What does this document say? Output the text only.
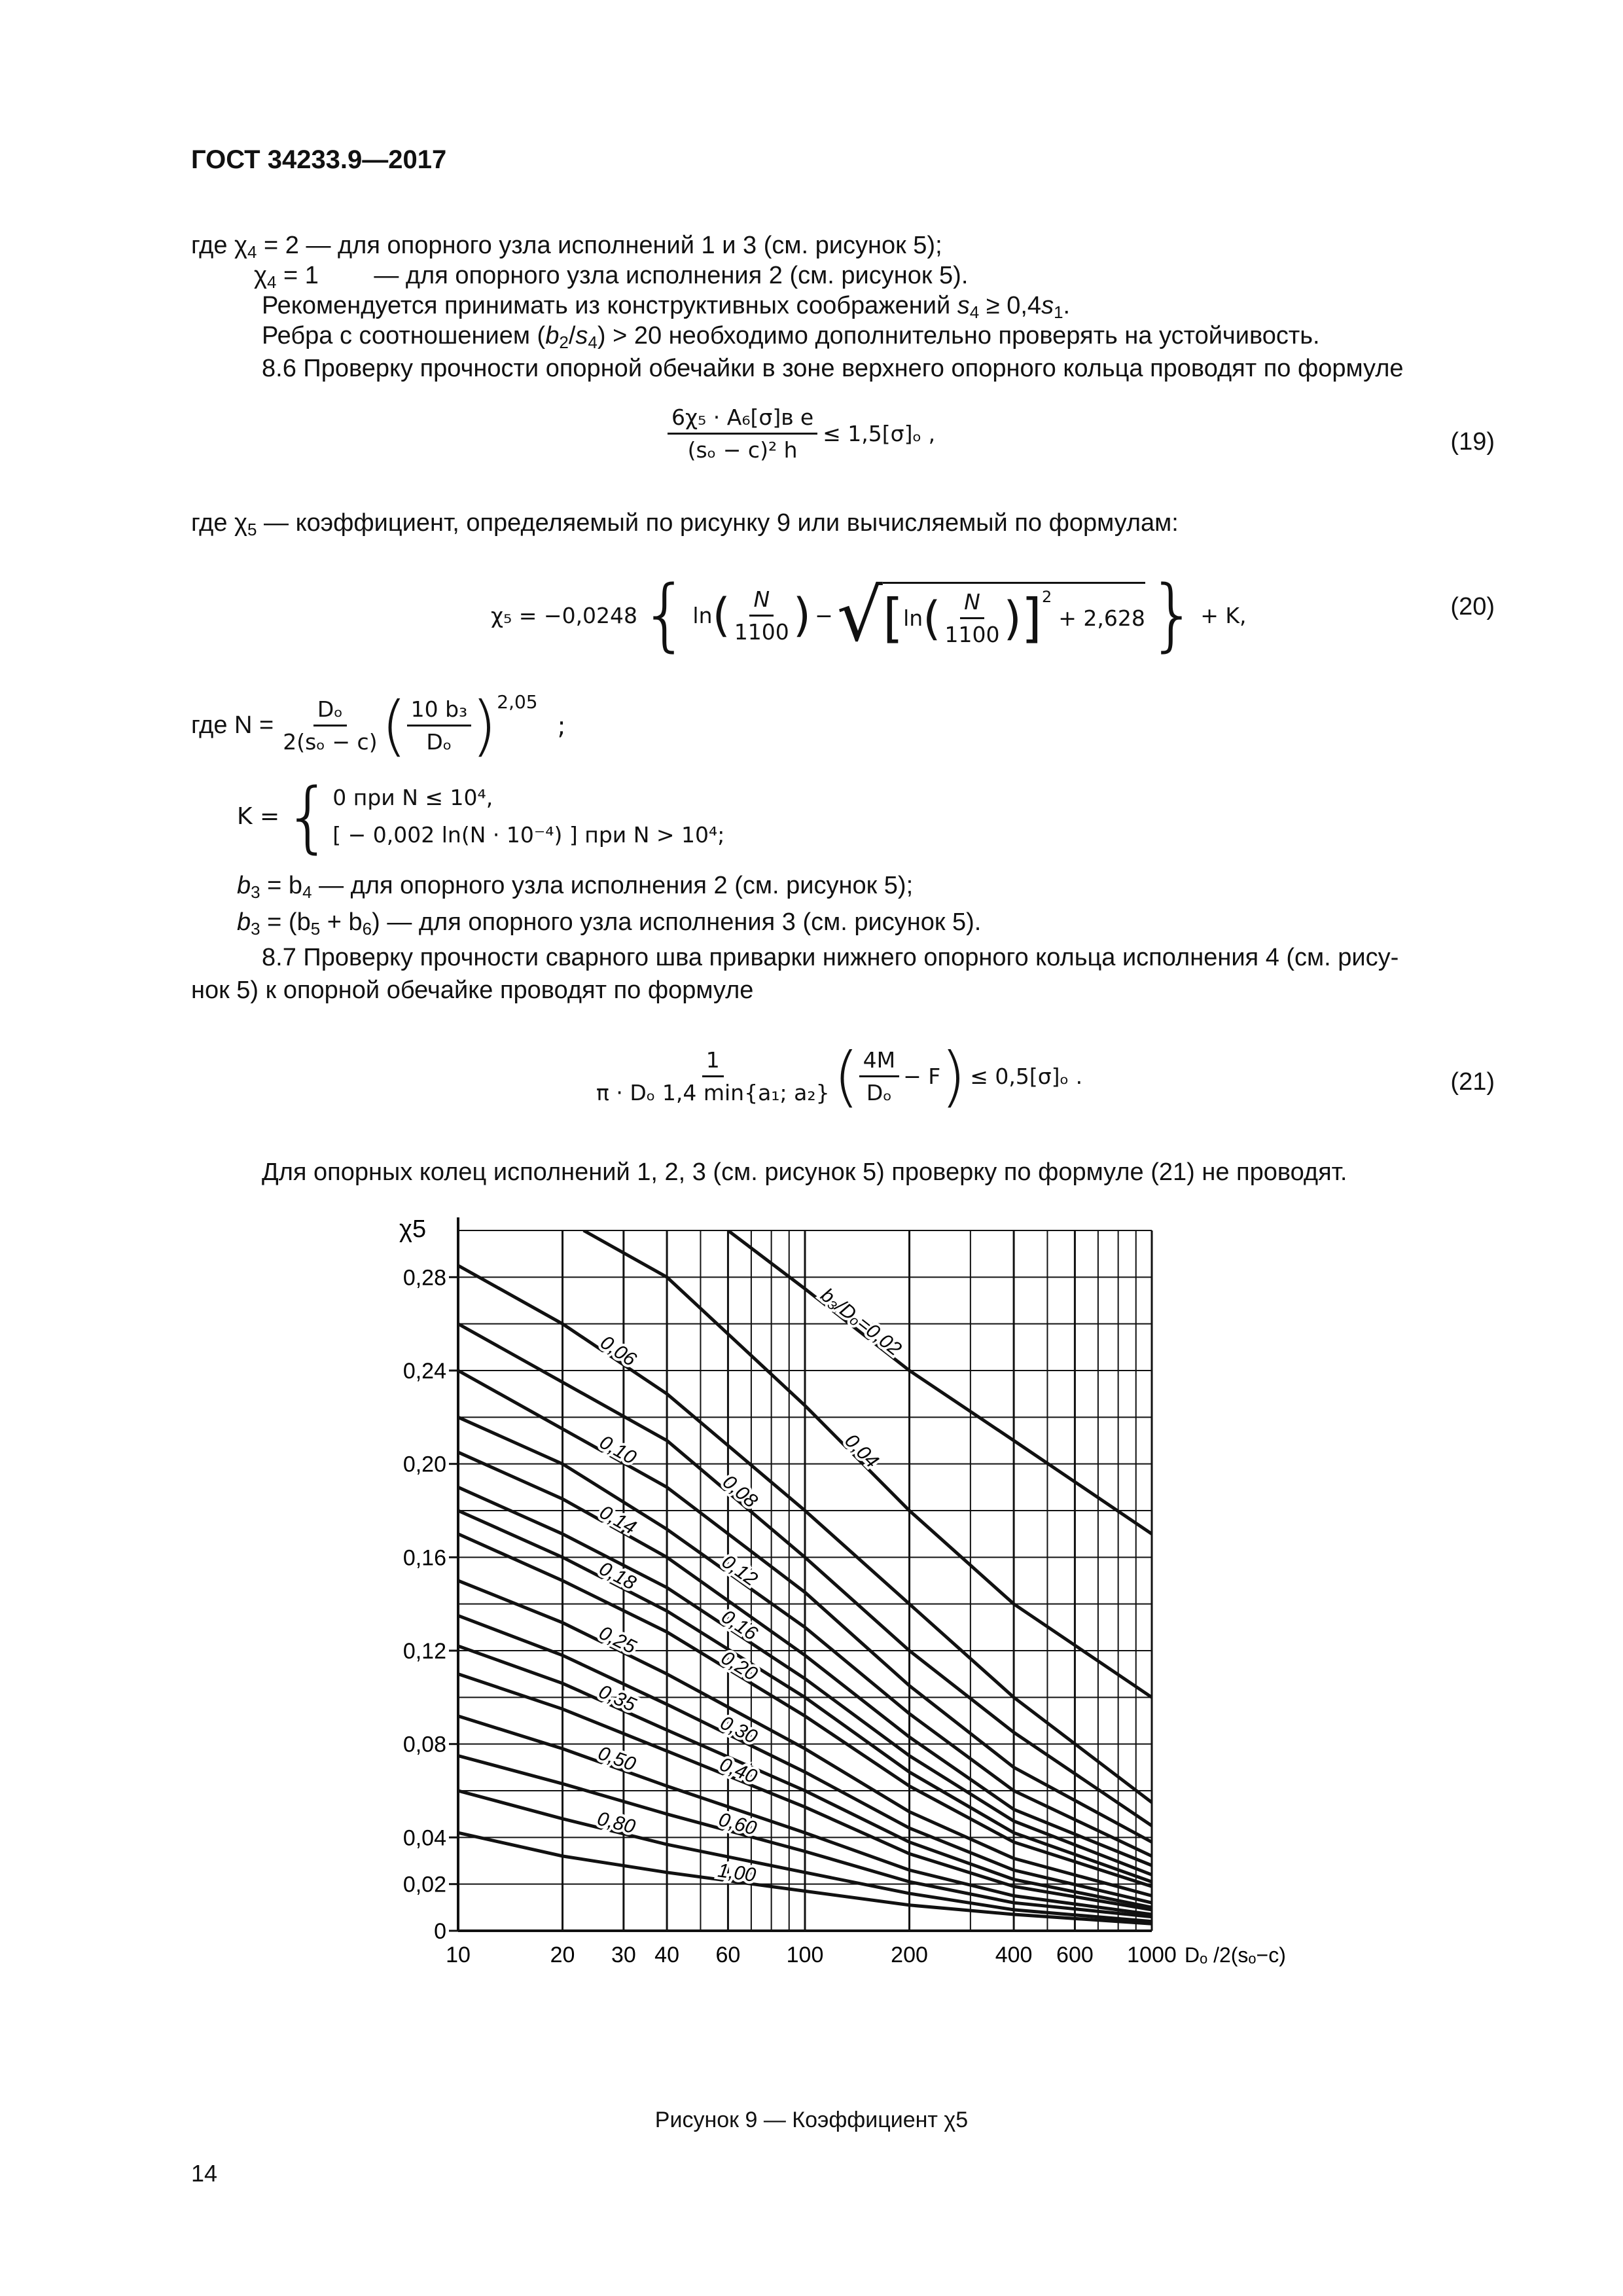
ГОСТ 34233.9—2017
где $\chi_4 = 2$ — для опорного узла исполнений 1 и 3 (см. рисунок 5);
$\chi_4 = 1$        — для опорного узла исполнения 2 (см. рисунок 5).
Рекомендуется принимать из конструктивных соображений $s_4 \ge 0,4s_1$.
Ребра с соотношением $(b_2/s_4) > 20$ необходимо дополнительно проверять на устойчивость.
8.6 Проверку прочности опорной обечайки в зоне верхнего опорного кольца проводят по формуле
$\frac{\text{6χ₅ · A₆[σ]ʙ e}}{\text{(sₒ − c)² h}} \le 1,5[\sigma]_o$ ,	(19)
где $\chi_5$ — коэффициент, определяемый по рисунку 9 или вычисляемый по формулам:
χ₅ = −0,0248 { ln ( $\frac{N}{1100}$ ) − √ [ ln ( $\frac{N}{1100}$ ) ]$^2$
+ 2,628 } + K,	(20)
где $N = \frac{\text{Dₒ}}{\text{2(sₒ − c)}}$ ( $\frac{\text{10 b₃}}{\text{Dₒ}} )^{2,05}$
;
K = { 0 при N ≤ 10⁴,
[ − 0,002 ln(N · 10⁻⁴) ] при N > 10⁴;
$b_3 = b_4$ — для опорного узла исполнения 2 (см. рисунок 5);
$b_3 = (b_5 + b_6)$ — для опорного узла исполнения 3 (см. рисунок 5).
8.7 Проверку прочности сварного шва приварки нижнего опорного кольца исполнения 4 (см. рису-
нок 5) к опорной обечайке проводят по формуле
$\frac{1}{\text{π · Dₒ 1,4 min\{a₁; a₂\}}}$ ( $\frac{4M}{\text{Dₒ}} - F$ ) ≤ 0,5[σ]ₒ .	(21)
Для опорных колец исполнений 1, 2, 3 (см. рисунок 5) проверку по формуле (21) не проводят.
b₃/Dₒ=0,02
0,04
0,06
0,08
0,10
0,12
0,14
0,16
0,18
0,20
0,25
0,30
0,35
0,40
0,50
0,60
0,80
1,00
10	20 30 40 60 100	200	400 600 1000
0
0,02
0,04
0,08
0,12
0,16
0,20
0,24
0,28
χ5
Dₒ /2(sₒ−c)
Рисунок 9 — Коэффициент χ5
14
